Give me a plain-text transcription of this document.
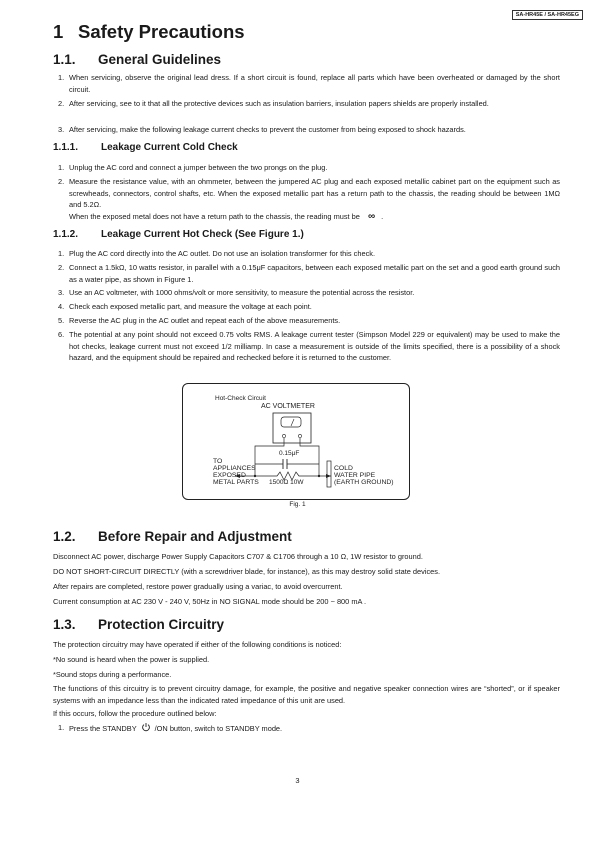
SA-HR45E / SA-HR45EG
1 Safety Precautions
1.1. General Guidelines
1. When servicing, observe the original lead dress. If a short circuit is found, replace all parts which have been overheated or damaged by the short circuit.
2. After servicing, see to it that all the protective devices such as insulation barriers, insulation papers shields are properly installed.
3. After servicing, make the following leakage current checks to prevent the customer from being exposed to shock hazards.
1.1.1. Leakage Current Cold Check
1. Unplug the AC cord and connect a jumper between the two prongs on the plug.
2. Measure the resistance value, with an ohmmeter, between the jumpered AC plug and each exposed metallic cabinet part on the equipment such as screwheads, connectors, control shafts, etc. When the exposed metallic part has a return path to the chassis, the reading should be between 1MΩ and 5.2Ω.
When the exposed metal does not have a return path to the chassis, the reading must be ∞ .
1.1.2. Leakage Current Hot Check (See Figure 1.)
1. Plug the AC cord directly into the AC outlet. Do not use an isolation transformer for this check.
2. Connect a 1.5kΩ, 10 watts resistor, in parallel with a 0.15μF capacitors, between each exposed metallic part on the set and a good earth ground such as a water pipe, as shown in Figure 1.
3. Use an AC voltmeter, with 1000 ohms/volt or more sensitivity, to measure the potential across the resistor.
4. Check each exposed metallic part, and measure the voltage at each point.
5. Reverse the AC plug in the AC outlet and repeat each of the above measurements.
6. The potential at any point should not exceed 0.75 volts RMS. A leakage current tester (Simpson Model 229 or equivalent) may be used to make the hot checks, leakage current must not exceed 1/2 milliamp. In case a measurement is outside of the limits specified, there is a possibility of a shock hazard, and the equipment should be repaired and rechecked before it is returned to the customer.
Hot-Check Circuit
AC VOLTMETER
0.15μF
TO
APPLIANCES
EXPOSED
METAL PARTS 1500Ω 10W
COLD
WATER PIPE
(EARTH GROUND)
Fig. 1
1.2. Before Repair and Adjustment

Disconnect AC power, discharge Power Supply Capacitors C707 & C1706 through a 10 Ω, 1W resistor to ground.

DO NOT SHORT-CIRCUIT DIRECTLY (with a screwdriver blade, for instance), as this may destroy solid state devices.

After repairs are completed, restore power gradually using a variac, to avoid overcurrent.

Current consumption at AC 230 V - 240 V, 50Hz in NO SIGNAL mode should be 200 ~ 800 mA .

1.3. Protection Circuitry

The protection circuitry may have operated if either of the following conditions is noticed:

*No sound is heard when the power is supplied.

*Sound stops during a performance.

The functions of this circuitry is to prevent circuitry damage, for example, the positive and negative speaker connection wires are “shorted”, or if speaker systems with an impedance less than the indicated rated impedance of this unit are used.

If this occurs, follow the procedure outlined below:

1. Press the STANDBY /ON button, switch to STANDBY mode.
3
